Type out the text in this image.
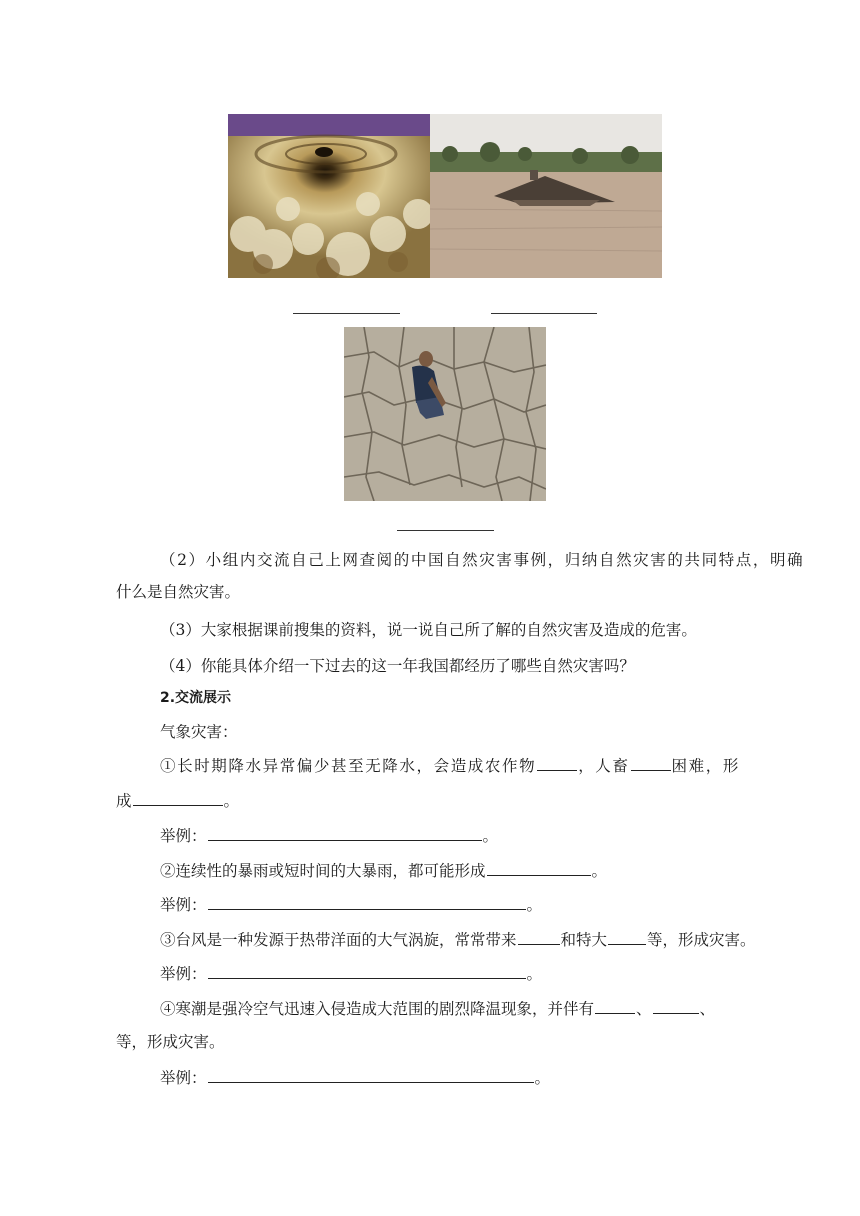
（2）小组内交流自己上网查阅的中国自然灾害事例，归纳自然灾害的共同特点，明确
什么是自然灾害。
（3）大家根据课前搜集的资料，说一说自己所了解的自然灾害及造成的危害。
（4）你能具体介绍一下过去的这一年我国都经历了哪些自然灾害吗？
2.交流展示
气象灾害：
①长时期降水异常偏少甚至无降水，会造成农作物	，人畜	困难，形
成	。
举例：	。
②连续性的暴雨或短时间的大暴雨，都可能形成	。
举例：	。
③台风是一种发源于热带洋面的大气涡旋，常常带来	和特大	等，形成灾害。
举例：	。
④寒潮是强冷空气迅速入侵造成大范围的剧烈降温现象，并伴有	、	、
等，形成灾害。
举例：	。
